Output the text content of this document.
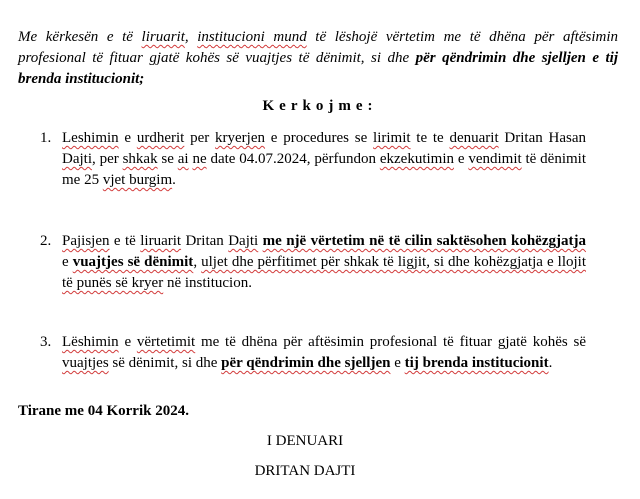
Me kërkesën e të liruarit, institucioni mund të lëshojë vërtetim me të dhëna për aftësimin profesional të fituar gjatë kohës së vuajtjes të dënimit, si dhe për qëndrimin dhe sjelljen e tij brenda institucionit;

Kerkojme:

1. Leshimin e urdherit per kryerjen e procedures se lirimit te te denuarit Dritan Hasan Dajti, per shkak se ai ne date 04.07.2024, përfundon ekzekutimin e vendimit të dënimit me 25 vjet burgim.
2. Pajisjen e të liruarit Dritan Dajti me një vërtetim në të cilin saktësohen kohëzgjatja e vuajtjes së dënimit, uljet dhe përfitimet për shkak të ligjit, si dhe kohëzgjatja e llojit të punës së kryer në institucion.
3. Lëshimin e vërtetimit me të dhëna për aftësimin profesional të fituar gjatë kohës së vuajtjes së dënimit, si dhe për qëndrimin dhe sjelljen e tij brenda institucionit.

Tirane me 04 Korrik 2024.

I DENUARI

DRITAN DAJTI
